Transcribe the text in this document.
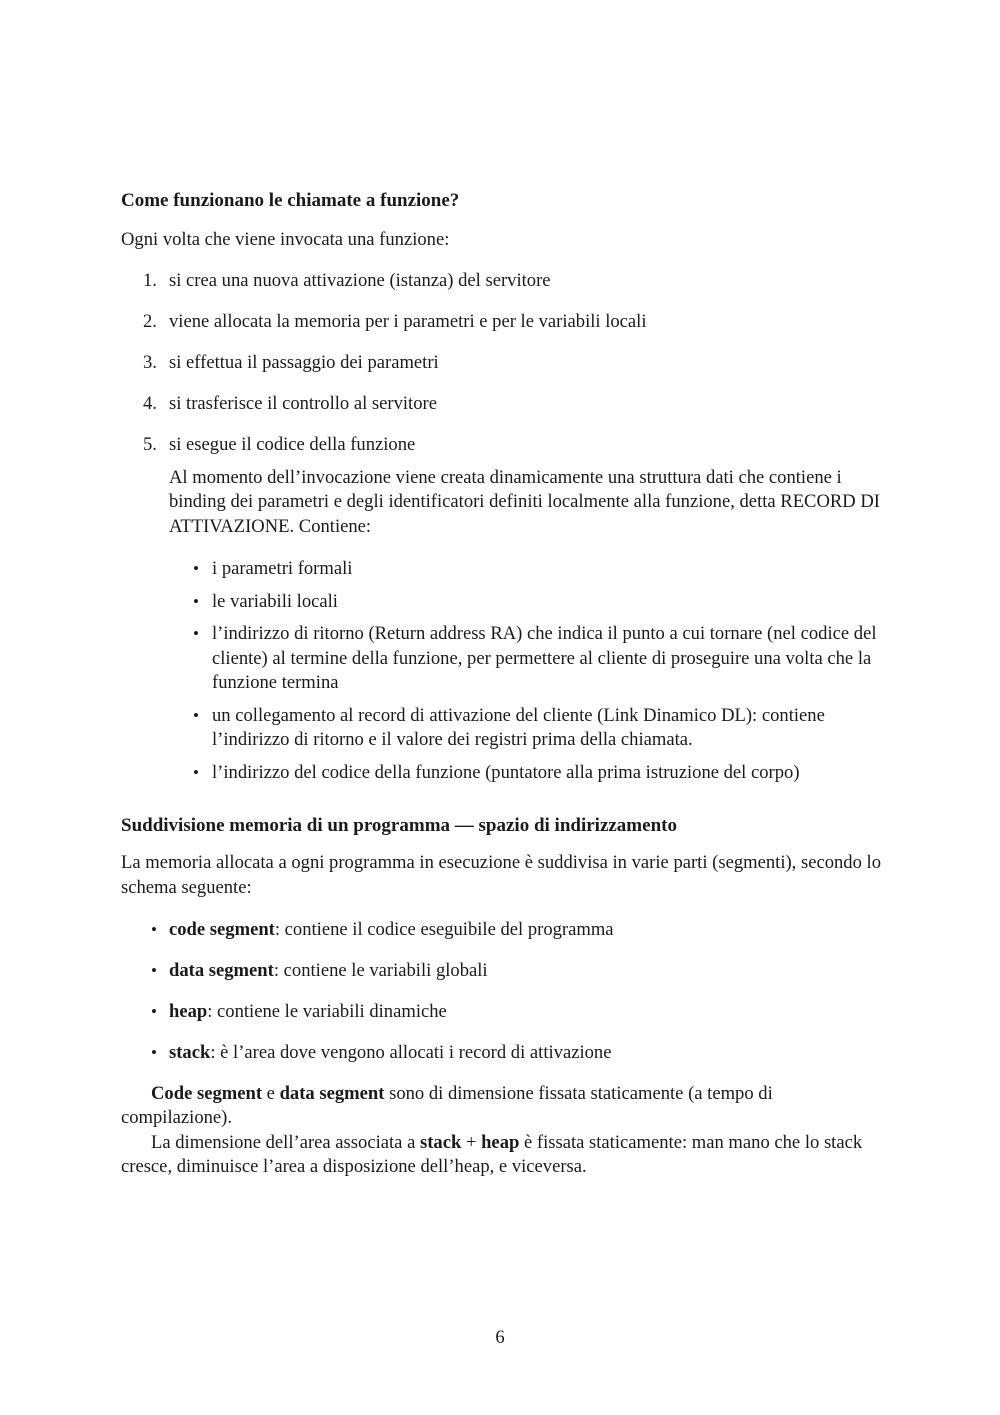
Come funzionano le chiamate a funzione?

Ogni volta che viene invocata una funzione:

1. si crea una nuova attivazione (istanza) del servitore
2. viene allocata la memoria per i parametri e per le variabili locali
3. si effettua il passaggio dei parametri
4. si trasferisce il controllo al servitore
5. si esegue il codice della funzione

Al momento dell’invocazione viene creata dinamicamente una struttura dati che contiene i binding dei parametri e degli identificatori definiti localmente alla funzione, detta RECORD DI ATTIVAZIONE. Contiene:

• i parametri formali
• le variabili locali
• l’indirizzo di ritorno (Return address RA) che indica il punto a cui tornare (nel codice del cliente) al termine della funzione, per permettere al cliente di proseguire una volta che la funzione termina
• un collegamento al record di attivazione del cliente (Link Dinamico DL): contiene l’indirizzo di ritorno e il valore dei registri prima della chiamata.
• l’indirizzo del codice della funzione (puntatore alla prima istruzione del corpo)
Suddivisione memoria di un programma — spazio di indirizzamento

La memoria allocata a ogni programma in esecuzione è suddivisa in varie parti (segmenti), secondo lo schema seguente:

• code segment: contiene il codice eseguibile del programma
• data segment: contiene le variabili globali
• heap: contiene le variabili dinamiche
• stack: è l’area dove vengono allocati i record di attivazione

Code segment e data segment sono di dimensione fissata staticamente (a tempo di compilazione).

La dimensione dell’area associata a stack + heap è fissata staticamente: man mano che lo stack cresce, diminuisce l’area a disposizione dell’heap, e viceversa.

6
